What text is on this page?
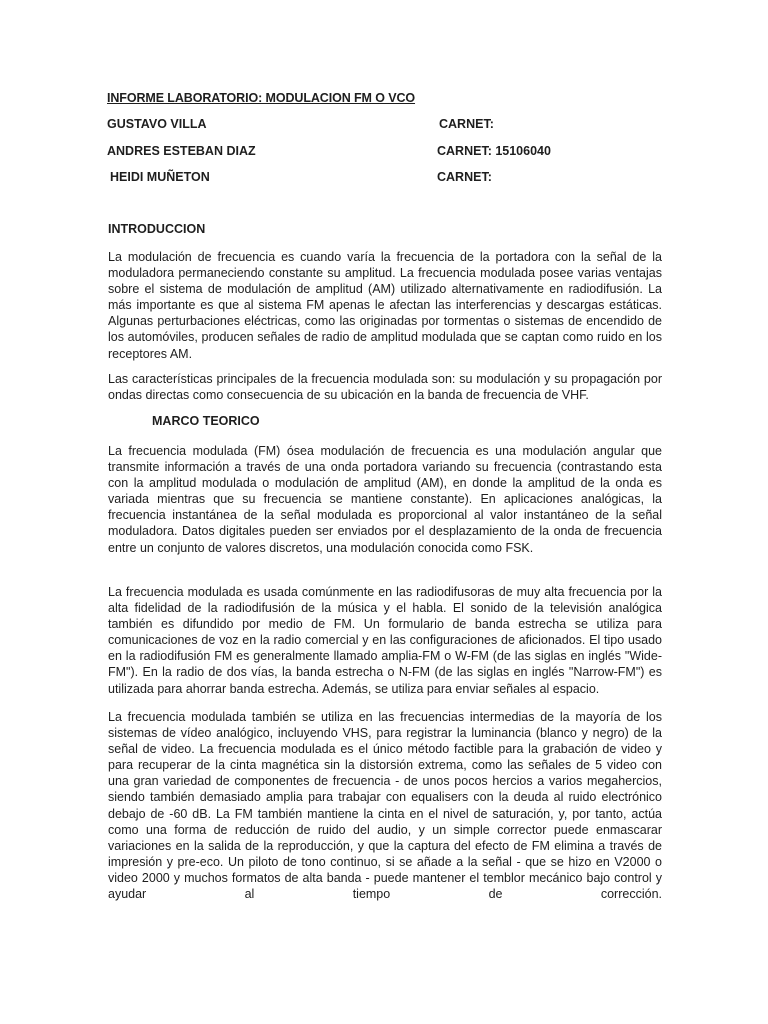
INFORME LABORATORIO: MODULACION FM O VCO
GUSTAVO VILLA	CARNET:
ANDRES ESTEBAN DIAZ	CARNET: 15106040
HEIDI MUÑETON	CARNET:
INTRODUCCION

La modulación de frecuencia es cuando varía la frecuencia de la portadora con la señal de la moduladora permaneciendo constante su amplitud. La frecuencia modulada posee varias ventajas sobre el sistema de modulación de amplitud (AM) utilizado alternativamente en radiodifusión. La más importante es que al sistema FM apenas le afectan las interferencias y descargas estáticas. Algunas perturbaciones eléctricas, como las originadas por tormentas o sistemas de encendido de los automóviles, producen señales de radio de amplitud modulada que se captan como ruido en los receptores AM.

Las características principales de la frecuencia modulada son: su modulación y su propagación por ondas directas como consecuencia de su ubicación en la banda de frecuencia de VHF.

MARCO TEORICO

La frecuencia modulada (FM) ósea modulación de frecuencia es una modulación angular que transmite información a través de una onda portadora variando su frecuencia (contrastando esta con la amplitud modulada o modulación de amplitud (AM), en donde la amplitud de la onda es variada mientras que su frecuencia se mantiene constante). En aplicaciones analógicas, la frecuencia instantánea de la señal modulada es proporcional al valor instantáneo de la señal moduladora. Datos digitales pueden ser enviados por el desplazamiento de la onda de frecuencia entre un conjunto de valores discretos, una modulación conocida como FSK.

La frecuencia modulada es usada comúnmente en las radiodifusoras de muy alta frecuencia por la alta fidelidad de la radiodifusión de la música y el habla. El sonido de la televisión analógica también es difundido por medio de FM. Un formulario de banda estrecha se utiliza para comunicaciones de voz en la radio comercial y en las configuraciones de aficionados. El tipo usado en la radiodifusión FM es generalmente llamado amplia-FM o W-FM (de las siglas en inglés "Wide-FM"). En la radio de dos vías, la banda estrecha o N-FM (de las siglas en inglés "Narrow-FM") es utilizada para ahorrar banda estrecha. Además, se utiliza para enviar señales al espacio.

La frecuencia modulada también se utiliza en las frecuencias intermedias de la mayoría de los sistemas de vídeo analógico, incluyendo VHS, para registrar la luminancia (blanco y negro) de la señal de video. La frecuencia modulada es el único método factible para la grabación de video y para recuperar de la cinta magnética sin la distorsión extrema, como las señales de 5 video con una gran variedad de componentes de frecuencia - de unos pocos hercios a varios megahercios, siendo también demasiado amplia para trabajar con equalisers con la deuda al ruido electrónico debajo de -60 dB. La FM también mantiene la cinta en el nivel de saturación, y, por tanto, actúa como una forma de reducción de ruido del audio, y un simple corrector puede enmascarar variaciones en la salida de la reproducción, y que la captura del efecto de FM elimina a través de impresión y pre-eco. Un piloto de tono continuo, si se añade a la señal - que se hizo en V2000 o video 2000 y muchos formatos de alta banda - puede mantener el temblor mecánico bajo control y ayudar al tiempo de corrección.
